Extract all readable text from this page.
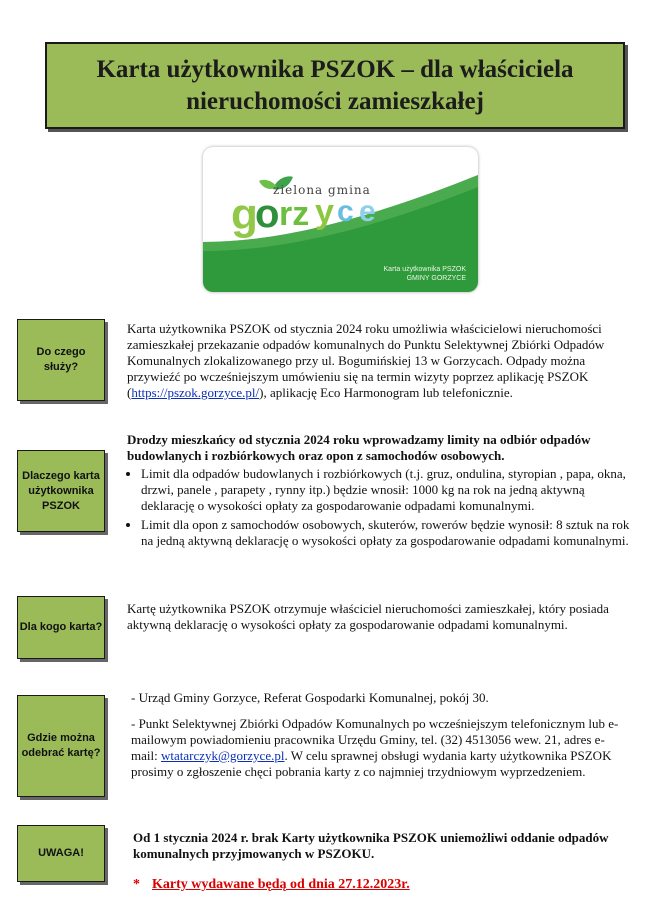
Karta użytkownika PSZOK – dla właściciela nieruchomości zamieszkałej
g
o rz y c e
zielona gmina
Karta użytkownika PSZOK
GMINY GORZYCE
Do czego służy?

Karta użytkownika PSZOK od stycznia 2024 roku umożliwia właścicielowi nieruchomości zamieszkałej przekazanie odpadów komunalnych do Punktu Selektywnej Zbiórki Odpadów Komunalnych zlokalizowanego przy ul. Bogumińskiej 13 w Gorzycach. Odpady można przywieźć po wcześniejszym umówieniu się na termin wizyty poprzez aplikację PSZOK (https://pszok.gorzyce.pl/), aplikację Eco Harmonogram lub telefonicznie.

Dlaczego karta użytkownika PSZOK

Drodzy mieszkańcy od stycznia 2024 roku wprowadzamy limity na odbiór odpadów budowlanych i rozbiórkowych oraz opon z samochodów osobowych.

• Limit dla odpadów budowlanych i rozbiórkowych (t.j. gruz, ondulina, styropian , papa, okna, drzwi, panele , parapety , rynny itp.) będzie wnosił: 1000 kg na rok na jedną aktywną deklarację o wysokości opłaty za gospodarowanie odpadami komunalnymi.
• Limit dla opon z samochodów osobowych, skuterów, rowerów będzie wynosił: 8 sztuk na rok na jedną aktywną deklarację o wysokości opłaty za gospodarowanie odpadami komunalnymi.
Dla kogo karta?

Kartę użytkownika PSZOK otrzymuje właściciel nieruchomości zamieszkałej, który posiada aktywną deklarację o wysokości opłaty za gospodarowanie odpadami komunalnymi.

Gdzie można odebrać kartę?

- Urząd Gminy Gorzyce, Referat Gospodarki Komunalnej, pokój 30.

- Punkt Selektywnej Zbiórki Odpadów Komunalnych po wcześniejszym telefonicznym lub e-mailowym powiadomieniu pracownika Urzędu Gminy, tel. (32) 4513056 wew. 21, adres e-mail: wtatarczyk@gorzyce.pl. W celu sprawnej obsługi wydania karty użytkownika PSZOK prosimy o zgłoszenie chęci pobrania karty z co najmniej trzydniowym wyprzedzeniem.

UWAGA!

Od 1 stycznia 2024 r. brak Karty użytkownika PSZOK uniemożliwi oddanie odpadów komunalnych przyjmowanych w PSZOKU.

* Karty wydawane będą od dnia 27.12.2023r.
